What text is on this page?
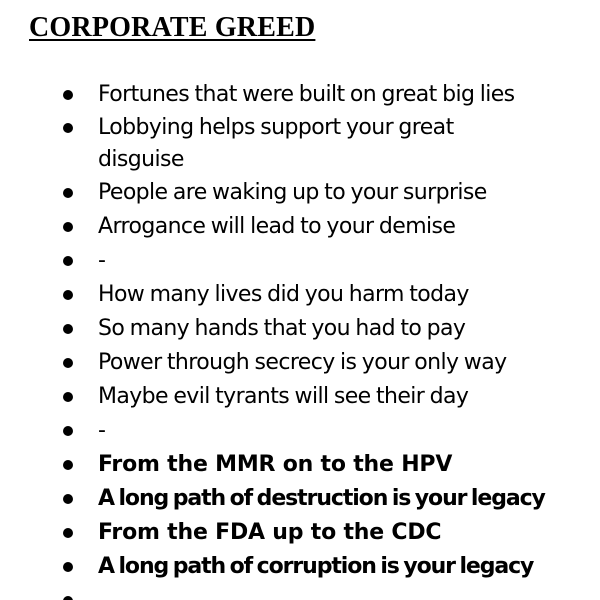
CORPORATE GREED
Fortunes that were built on great big lies
Lobbying helps support your great disguise
People are waking up to your surprise
Arrogance will lead to your demise
-
How many lives did you harm today
So many hands that you had to pay
Power through secrecy is your only way
Maybe evil tyrants will see their day
-
From the MMR on to the HPV
A long path of destruction is your legacy
From the FDA up to the CDC
A long path of corruption is your legacy
